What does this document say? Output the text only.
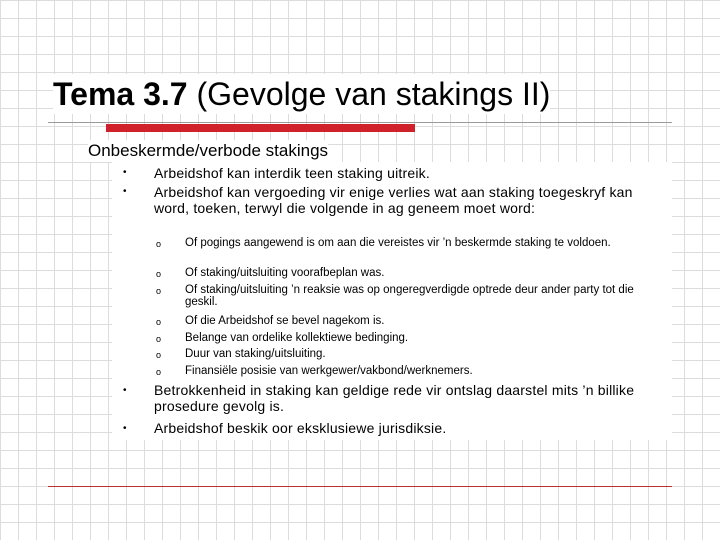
Tema 3.7 (Gevolge van stakings II)
Onbeskermde/verbode stakings
• Arbeidshof kan interdik teen staking uitreik.
• Arbeidshof kan vergoeding vir enige verlies wat aan staking toegeskryf kan word, toeken, terwyl die volgende in ag geneem moet word:
o Of pogings aangewend is om aan die vereistes vir ’n beskermde staking te voldoen.
o Of staking/uitsluiting voorafbeplan was.
o Of staking/uitsluiting ’n reaksie was op ongeregverdigde optrede deur ander party tot die geskil.
o Of die Arbeidshof se bevel nagekom is.
o Belange van ordelike kollektiewe bedinging.
o Duur van staking/uitsluiting.
o Finansiële posisie van werkgewer/vakbond/werknemers.
• Betrokkenheid in staking kan geldige rede vir ontslag daarstel mits ’n billike prosedure gevolg is.
• Arbeidshof beskik oor eksklusiewe jurisdiksie.
